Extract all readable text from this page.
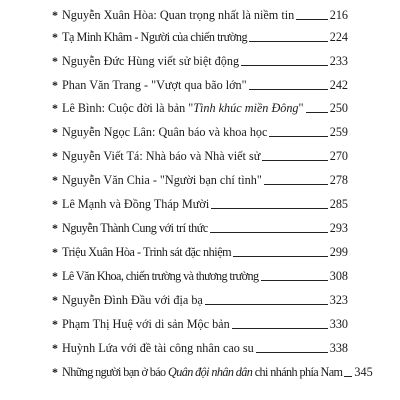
* Nguyễn Xuân Hòa: Quan trọng nhất là niềm tin	216
* Tạ Minh Khâm - Người của chiến trường	224
* Nguyễn Đức Hùng viết sử biệt động	233
* Phan Văn Trang - "Vượt qua bão lớn"	242
* Lê Bình: Cuộc đời là bản "Tình khúc miền Đông" 250
* Nguyễn Ngọc Lân: Quân báo và khoa học	259
* Nguyễn Viết Tá: Nhà báo và Nhà viết sử	270
* Nguyễn Văn Chia - "Người bạn chí tình"	278
* Lê Mạnh và Đồng Tháp Mười	285
* Nguyễn Thành Cung với trí thức	293
* Triệu Xuân Hòa - Trinh sát đặc nhiệm	299
* Lê Văn Khoa, chiến trường và thương trường	308
* Nguyễn Đình Đầu với địa bạ	323
* Phạm Thị Huệ với di sản Mộc bản	330
* Huỳnh Lứa với đề tài công nhân cao su	338
* Những người bạn ở báo Quân đội nhân dân chi nhánh phía Nam 345
